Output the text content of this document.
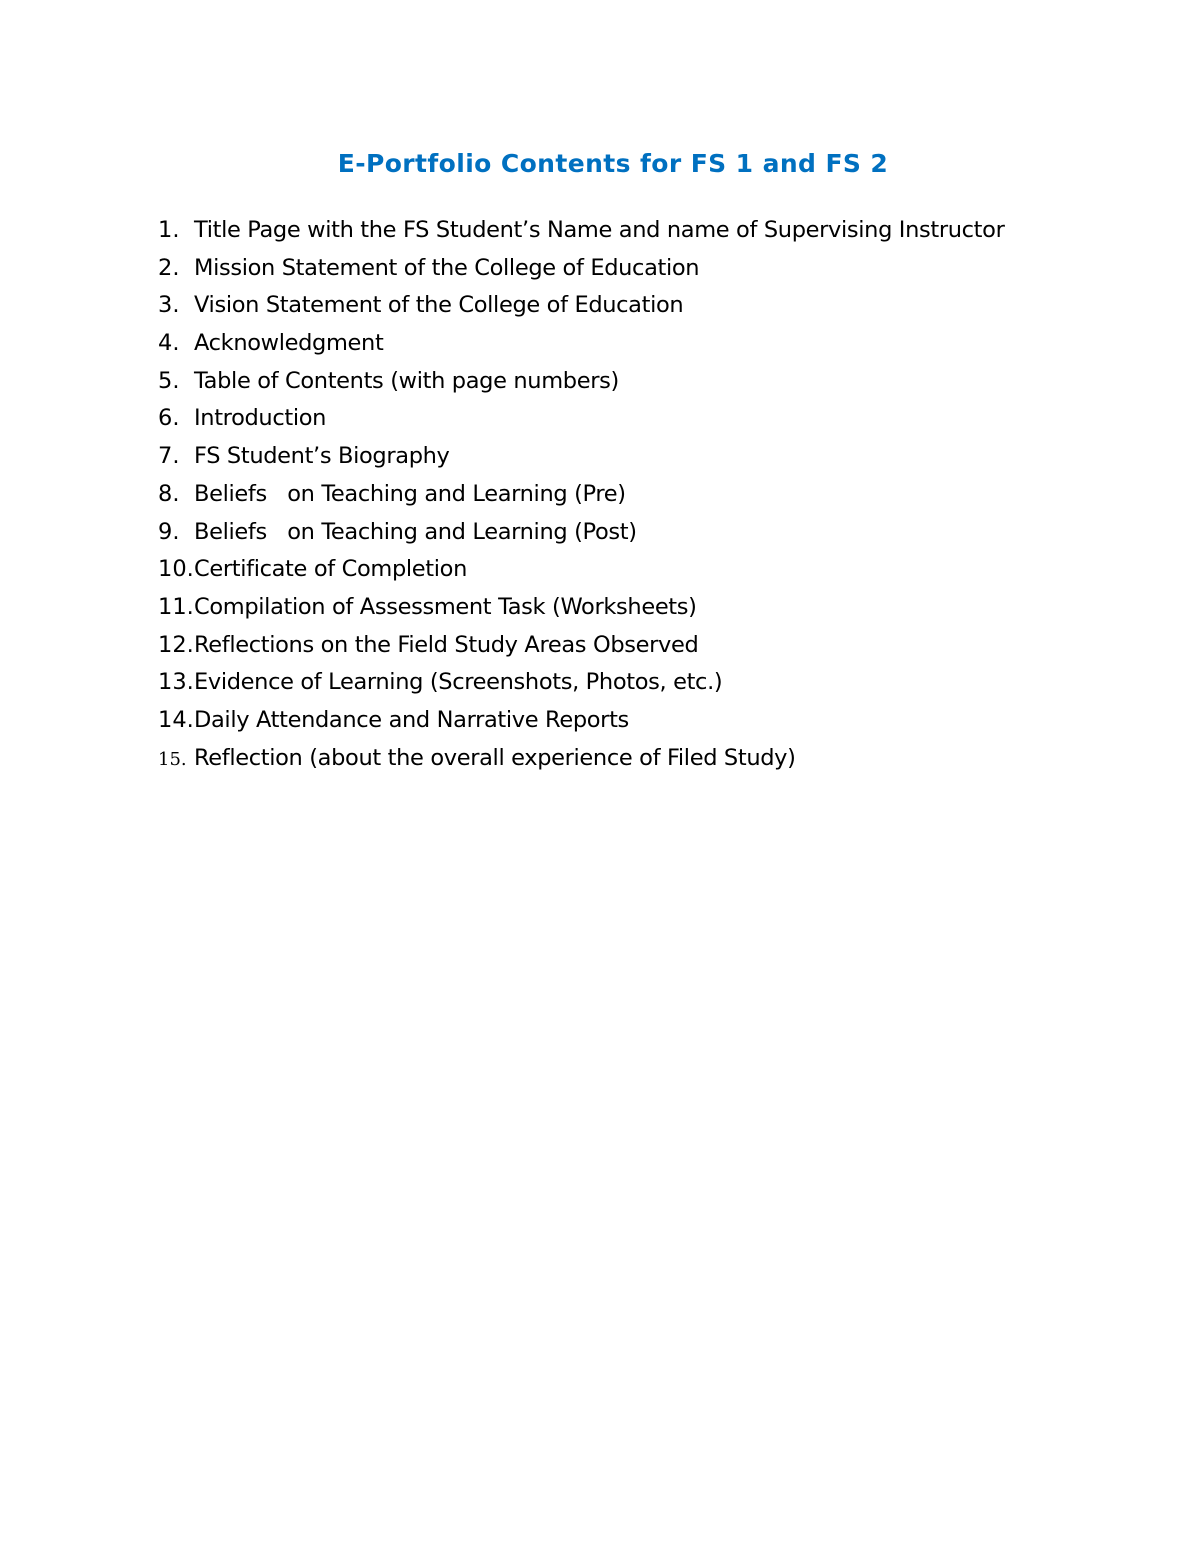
E-Portfolio Contents for FS 1 and FS 2
1. Title Page with the FS Student’s Name and name of Supervising Instructor
2. Mission Statement of the College of Education
3. Vision Statement of the College of Education
4. Acknowledgment
5. Table of Contents (with page numbers)
6. Introduction
7. FS Student’s Biography
8. Beliefs   on Teaching and Learning (Pre)
9. Beliefs   on Teaching and Learning (Post)
10. Certificate of Completion
11. Compilation of Assessment Task (Worksheets)
12. Reflections on the Field Study Areas Observed
13. Evidence of Learning (Screenshots, Photos, etc.)
14. Daily Attendance and Narrative Reports
15. Reflection (about the overall experience of Filed Study)
